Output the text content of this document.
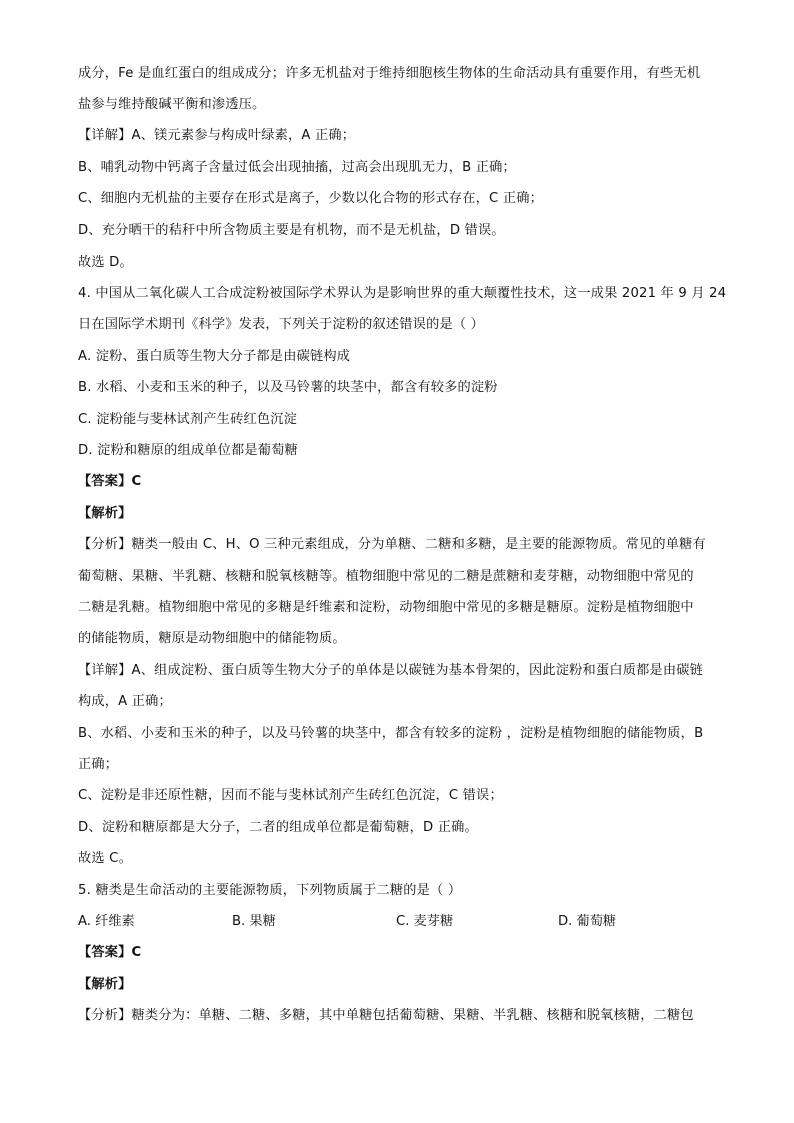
成分，Fe 是血红蛋白的组成成分；许多无机盐对于维持细胞核生物体的生命活动具有重要作用，有些无机
盐参与维持酸碱平衡和渗透压。
【详解】A、镁元素参与构成叶绿素，A 正确；
B、哺乳动物中钙离子含量过低会出现抽搐，过高会出现肌无力，B 正确；
C、细胞内无机盐的主要存在形式是离子，少数以化合物的形式存在，C 正确；
D、充分晒干的秸秆中所含物质主要是有机物，而不是无机盐，D 错误。
故选 D。
4. 中国从二氧化碳人工合成淀粉被国际学术界认为是影响世界的重大颠覆性技术，这一成果 2021 年 9 月 24
日在国际学术期刊《科学》发表，下列关于淀粉的叙述错误的是（ ）
A. 淀粉、蛋白质等生物大分子都是由碳链构成
B. 水稻、小麦和玉米的种子，以及马铃薯的块茎中，都含有较多的淀粉
C. 淀粉能与斐林试剂产生砖红色沉淀
D. 淀粉和糖原的组成单位都是葡萄糖
【答案】C
【解析】
【分析】糖类一般由 C、H、O 三种元素组成，分为单糖、二糖和多糖，是主要的能源物质。常见的单糖有
葡萄糖、果糖、半乳糖、核糖和脱氧核糖等。植物细胞中常见的二糖是蔗糖和麦芽糖，动物细胞中常见的
二糖是乳糖。植物细胞中常见的多糖是纤维素和淀粉，动物细胞中常见的多糖是糖原。淀粉是植物细胞中
的储能物质，糖原是动物细胞中的储能物质。
【详解】A、组成淀粉、蛋白质等生物大分子的单体是以碳链为基本骨架的，因此淀粉和蛋白质都是由碳链
构成，A 正确；
B、水稻、小麦和玉米的种子，以及马铃薯的块茎中，都含有较多的淀粉 ，淀粉是植物细胞的储能物质，B
正确；
C、淀粉是非还原性糖，因而不能与斐林试剂产生砖红色沉淀，C 错误；
D、淀粉和糖原都是大分子，二者的组成单位都是葡萄糖，D 正确。
故选 C。
5. 糖类是生命活动的主要能源物质，下列物质属于二糖的是（ ）
A. 纤维素	B. 果糖	C. 麦芽糖	D. 葡萄糖
【答案】C
【解析】
【分析】糖类分为：单糖、二糖、多糖，其中单糖包括葡萄糖、果糖、半乳糖、核糖和脱氧核糖，二糖包
